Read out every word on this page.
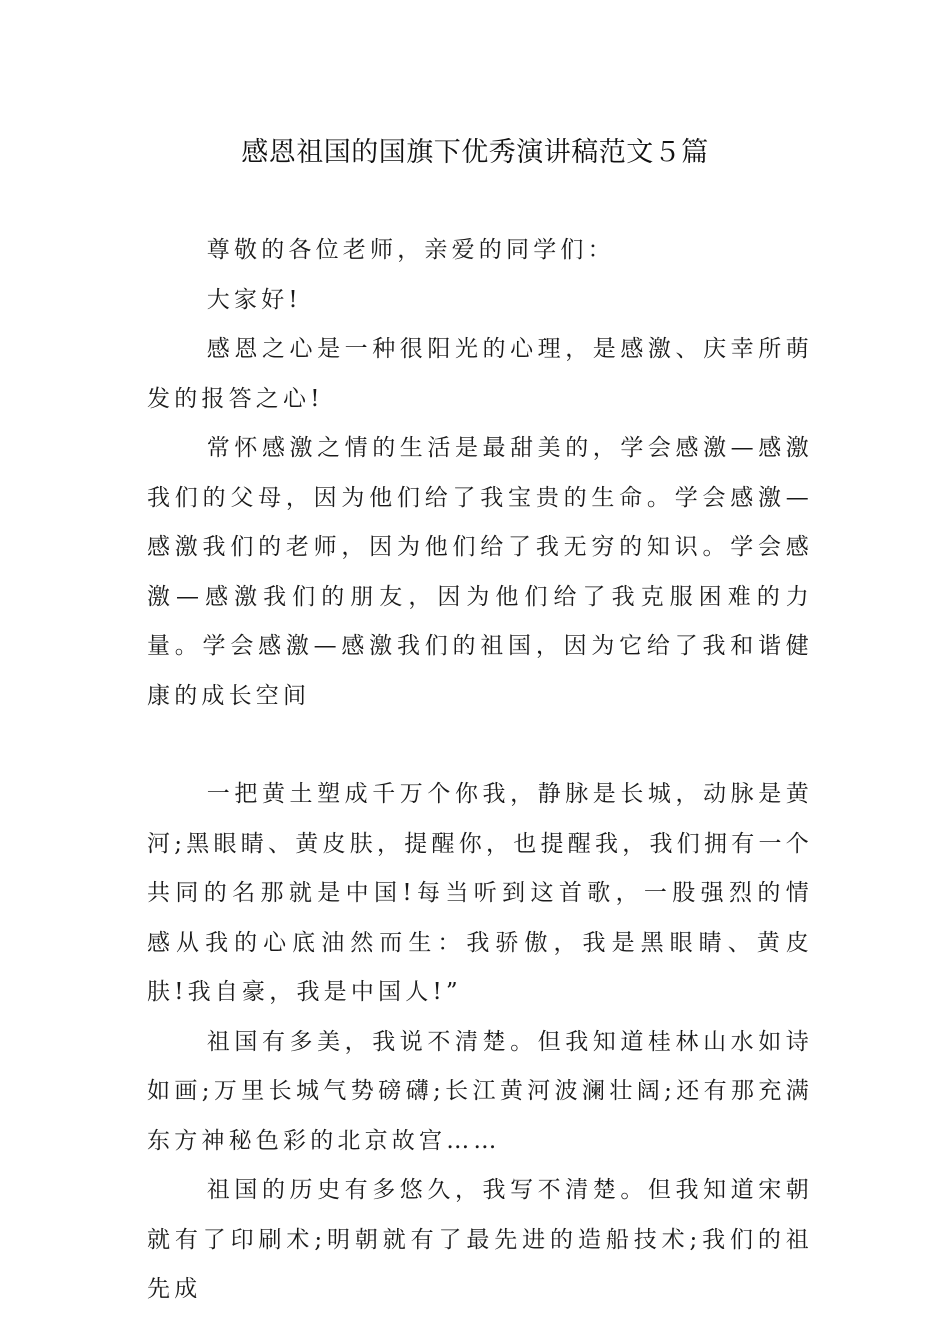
感恩祖国的国旗下优秀演讲稿范文５篇

尊敬的各位老师，亲爱的同学们：

大家好!

感恩之心是一种很阳光的心理，是感激、庆幸所萌发的报答之心!

常怀感激之情的生活是最甜美的，学会感激—感激我们的父母，因为他们给了我宝贵的生命。学会感激—感激我们的老师，因为他们给了我无穷的知识。学会感激—感激我们的朋友，因为他们给了我克服困难的力量。学会感激—感激我们的祖国，因为它给了我和谐健康的成长空间

一把黄土塑成千万个你我，静脉是长城，动脉是黄河;黑眼睛、黄皮肤，提醒你，也提醒我，我们拥有一个共同的名那就是中国!每当听到这首歌，一股强烈的情感从我的心底油然而生：我骄傲，我是黑眼睛、黄皮肤!我自豪，我是中国人!”

祖国有多美，我说不清楚。但我知道桂林山水如诗如画;万里长城气势磅礴;长江黄河波澜壮阔;还有那充满东方神秘色彩的北京故宫……

祖国的历史有多悠久，我写不清楚。但我知道宋朝就有了印刷术;明朝就有了最先进的造船技术;我们的祖先成
